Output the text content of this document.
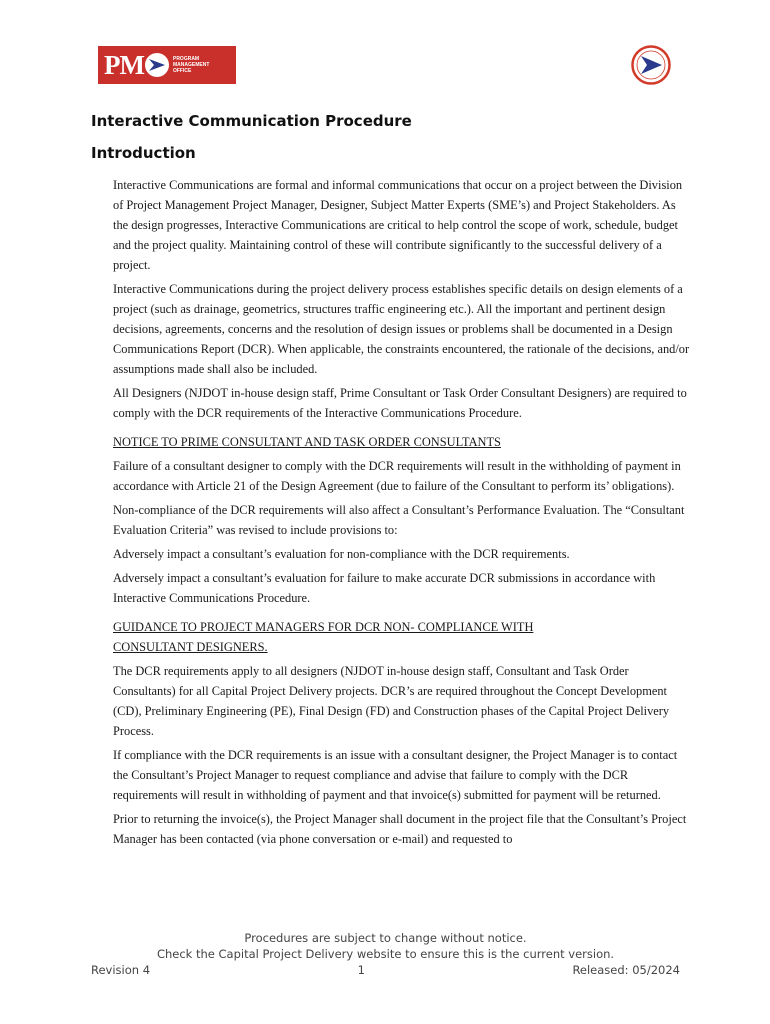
PM	PROGRAM
MANAGEMENT
OFFICE
Interactive Communication Procedure
Introduction

Interactive Communications are formal and informal communications that occur on a project between the Division of Project Management Project Manager, Designer, Subject Matter Experts (SME’s) and Project Stakeholders. As the design progresses, Interactive Communications are critical to help control the scope of work, schedule, budget and the project quality. Maintaining control of these will contribute significantly to the successful delivery of a project.

Interactive Communications during the project delivery process establishes specific details on design elements of a project (such as drainage, geometrics, structures traffic engineering etc.). All the important and pertinent design decisions, agreements, concerns and the resolution of design issues or problems shall be documented in a Design Communications Report (DCR). When applicable, the constraints encountered, the rationale of the decisions, and/or assumptions made shall also be included.

All Designers (NJDOT in-house design staff, Prime Consultant or Task Order Consultant Designers) are required to comply with the DCR requirements of the Interactive Communications Procedure.

NOTICE TO PRIME CONSULTANT AND TASK ORDER CONSULTANTS

Failure of a consultant designer to comply with the DCR requirements will result in the withholding of payment in accordance with Article 21 of the Design Agreement (due to failure of the Consultant to perform its’ obligations).

Non-compliance of the DCR requirements will also affect a Consultant’s Performance Evaluation. The “Consultant Evaluation Criteria” was revised to include provisions to:

Adversely impact a consultant’s evaluation for non-compliance with the DCR requirements.

Adversely impact a consultant’s evaluation for failure to make accurate DCR submissions in accordance with Interactive Communications Procedure.

GUIDANCE TO PROJECT MANAGERS FOR DCR NON- COMPLIANCE WITH CONSULTANT DESIGNERS.

The DCR requirements apply to all designers (NJDOT in-house design staff, Consultant and Task Order Consultants) for all Capital Project Delivery projects. DCR’s are required throughout the Concept Development (CD), Preliminary Engineering (PE), Final Design (FD) and Construction phases of the Capital Project Delivery Process.

If compliance with the DCR requirements is an issue with a consultant designer, the Project Manager is to contact the Consultant’s Project Manager to request compliance and advise that failure to comply with the DCR requirements will result in withholding of payment and that invoice(s) submitted for payment will be returned.

Prior to returning the invoice(s), the Project Manager shall document in the project file that the Consultant’s Project Manager has been contacted (via phone conversation or e-mail) and requested to

Procedures are subject to change without notice.
Check the Capital Project Delivery website to ensure this is the current version.
Revision 4	1	Released: 05/2024
